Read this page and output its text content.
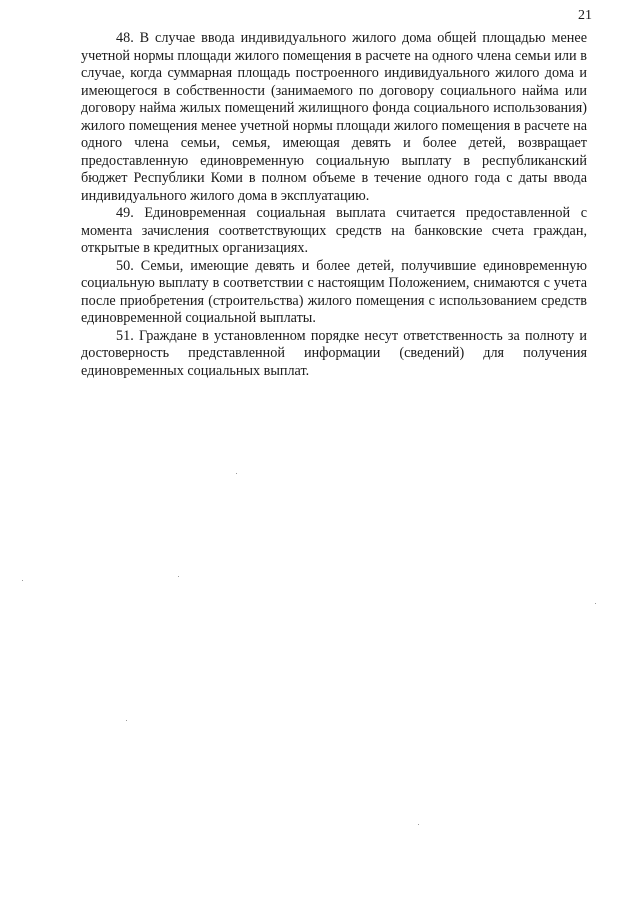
21

48. В случае ввода индивидуального жилого дома общей площадью менее учетной нормы площади жилого помещения в расчете на одного члена семьи или в случае, когда суммарная площадь построенного индивидуального жилого дома и имеющегося в собственности (занимаемого по договору социального найма или договору найма жилых помещений жилищного фонда социального использования) жилого помещения менее учетной нормы площади жилого помещения в расчете на одного члена семьи, семья, имеющая девять и более детей, возвращает предоставленную единовременную социальную выплату в республиканский бюджет Республики Коми в полном объеме в течение одного года с даты ввода индивидуального жилого дома в эксплуатацию.

49. Единовременная социальная выплата считается предоставленной с момента зачисления соответствующих средств на банковские счета граждан, открытые в кредитных организациях.

50. Семьи, имеющие девять и более детей, получившие единовременную социальную выплату в соответствии с настоящим Положением, снимаются с учета после приобретения (строительства) жилого помещения с использованием средств единовременной социальной выплаты.

51. Граждане в установленном порядке несут ответственность за полноту и достоверность представленной информации (сведений) для получения единовременных социальных выплат.
